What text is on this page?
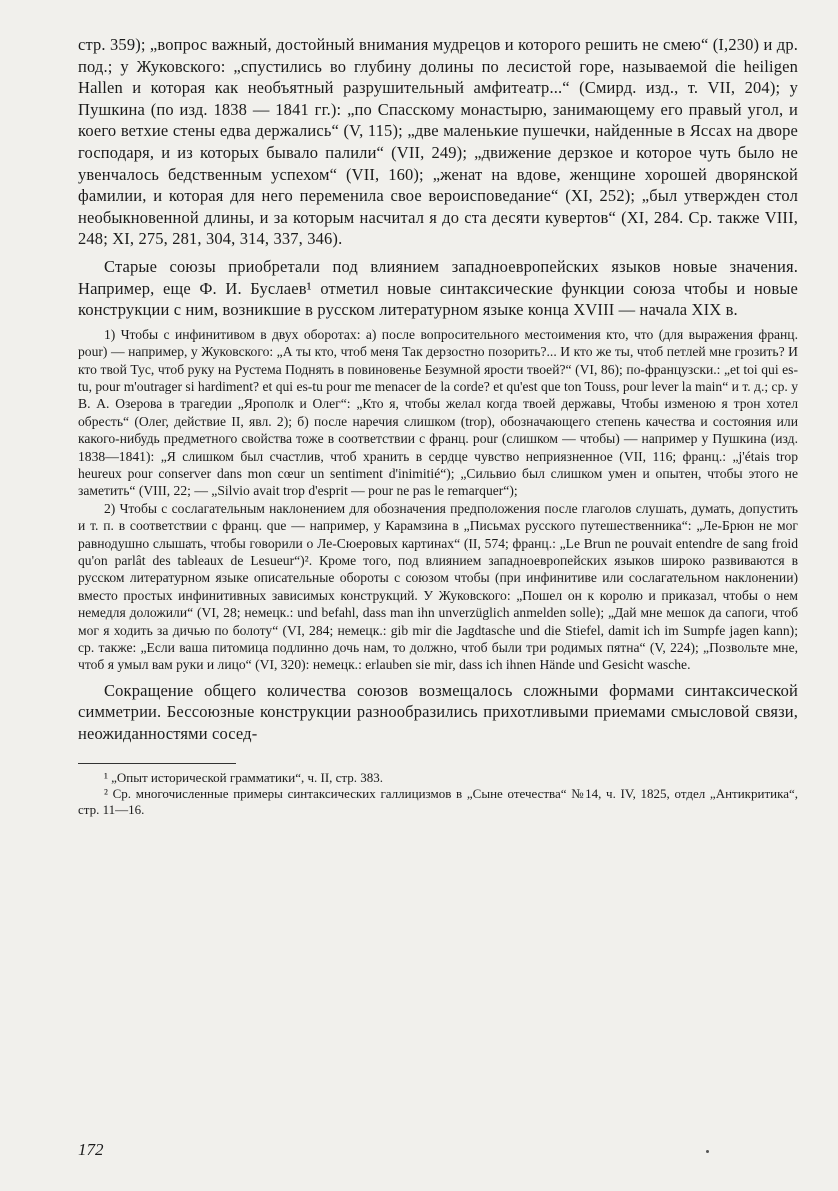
стр. 359); „вопрос важный, достойный внимания мудрецов и которого решить не смею“ (I,230) и др. под.; у Жуковского: „спустились во глубину долины по лесистой горе, называемой die heiligen Hallen и которая как необъятный разрушительный амфитеатр...“ (Смирд. изд., т. VII, 204); у Пушкина (по изд. 1838 — 1841 гг.): „по Спасскому монастырю, занимающему его правый угол, и коего ветхие стены едва держались“ (V, 115); „две маленькие пушечки, найденные в Яссах на дворе господаря, и из которых бывало палили“ (VII, 249); „движение дерзкое и которое чуть было не увенчалось бедственным успехом“ (VII, 160); „женат на вдове, женщине хорошей дворянской фамилии, и которая для него переменила свое вероисповедание“ (XI, 252); „был утвержден стол необыкновенной длины, и за которым насчитал я до ста десяти кувертов“ (XI, 284. Ср. также VIII, 248; XI, 275, 281, 304, 314, 337, 346).

Старые союзы приобретали под влиянием западноевропейских языков новые значения. Например, еще Ф. И. Буслаев¹ отметил новые синтаксические функции союза чтобы и новые конструкции с ним, возникшие в русском литературном языке конца XVIII — начала XIX в.

1) Чтобы с инфинитивом в двух оборотах: а) после вопросительного местоимения кто, что (для выражения франц. pour) — например, у Жуковского: „А ты кто, чтоб меня Так дерзостно позорить?... И кто же ты, чтоб петлей мне грозить? И кто твой Тус, чтоб руку на Рустема Поднять в повиновенье Безумной ярости твоей?“ (VI, 86); по-французски.: „et toi qui es-tu, pour m'outrager si hardiment? et qui es-tu pour me menacer de la corde? et qu'est que ton Touss, pour lever la main“ и т. д.; ср. у В. А. Озерова в трагедии „Ярополк и Олег“: „Кто я, чтобы желал когда твоей державы, Чтобы изменою я трон хотел обресть“ (Олег, действие II, явл. 2); б) после наречия слишком (trop), обозначающего степень качества и состояния или какого-нибудь предметного свойства тоже в соответствии с франц. pour (слишком — чтобы) — например у Пушкина (изд. 1838—1841): „Я слишком был счастлив, чтоб хранить в сердце чувство неприязненное (VII, 116; франц.: „j'étais trop heureux pour conserver dans mon cœur un sentiment d'inimitié“); „Сильвио был слишком умен и опытен, чтобы этого не заметить“ (VIII, 22; — „Silvio avait trop d'esprit — pour ne pas le remarquer“);

2) Чтобы с сослагательным наклонением для обозначения предположения после глаголов слушать, думать, допустить и т. п. в соответствии с франц. que — например, у Карамзина в „Письмах русского путешественника“: „Ле-Брюн не мог равнодушно слышать, чтобы говорили о Ле-Сюеровых картинах“ (II, 574; франц.: „Le Brun ne pouvait entendre de sang froid qu'on parlât des tableaux de Lesueur“)². Кроме того, под влиянием западноевропейских языков широко развиваются в русском литературном языке описательные обороты с союзом чтобы (при инфинитиве или сослагательном наклонении) вместо простых инфинитивных зависимых конструкций. У Жуковского: „Пошел он к королю и приказал, чтобы о нем немедля доложили“ (VI, 28; немецк.: und befahl, dass man ihn unverzüglich anmelden solle); „Дай мне мешок да сапоги, чтоб мог я ходить за дичью по болоту“ (VI, 284; немецк.: gib mir die Jagdtasche und die Stiefel, damit ich im Sumpfe jagen kann); ср. также: „Если ваша питомица подлинно дочь нам, то должно, чтоб были три родимых пятна“ (V, 224); „Позвольте мне, чтоб я умыл вам руки и лицо“ (VI, 320): немецк.: erlauben sie mir, dass ich ihnen Hände und Gesicht wasche.

Сокращение общего количества союзов возмещалось сложными формами синтаксической симметрии. Бессоюзные конструкции разнообразились прихотливыми приемами смысловой связи, неожиданностями сосед-

¹ „Опыт исторической грамматики“, ч. II, стр. 383.

² Ср. многочисленные примеры синтаксических галлицизмов в „Сыне отечества“ №14, ч. IV, 1825, отдел „Антикритика“, стр. 11—16.

172
